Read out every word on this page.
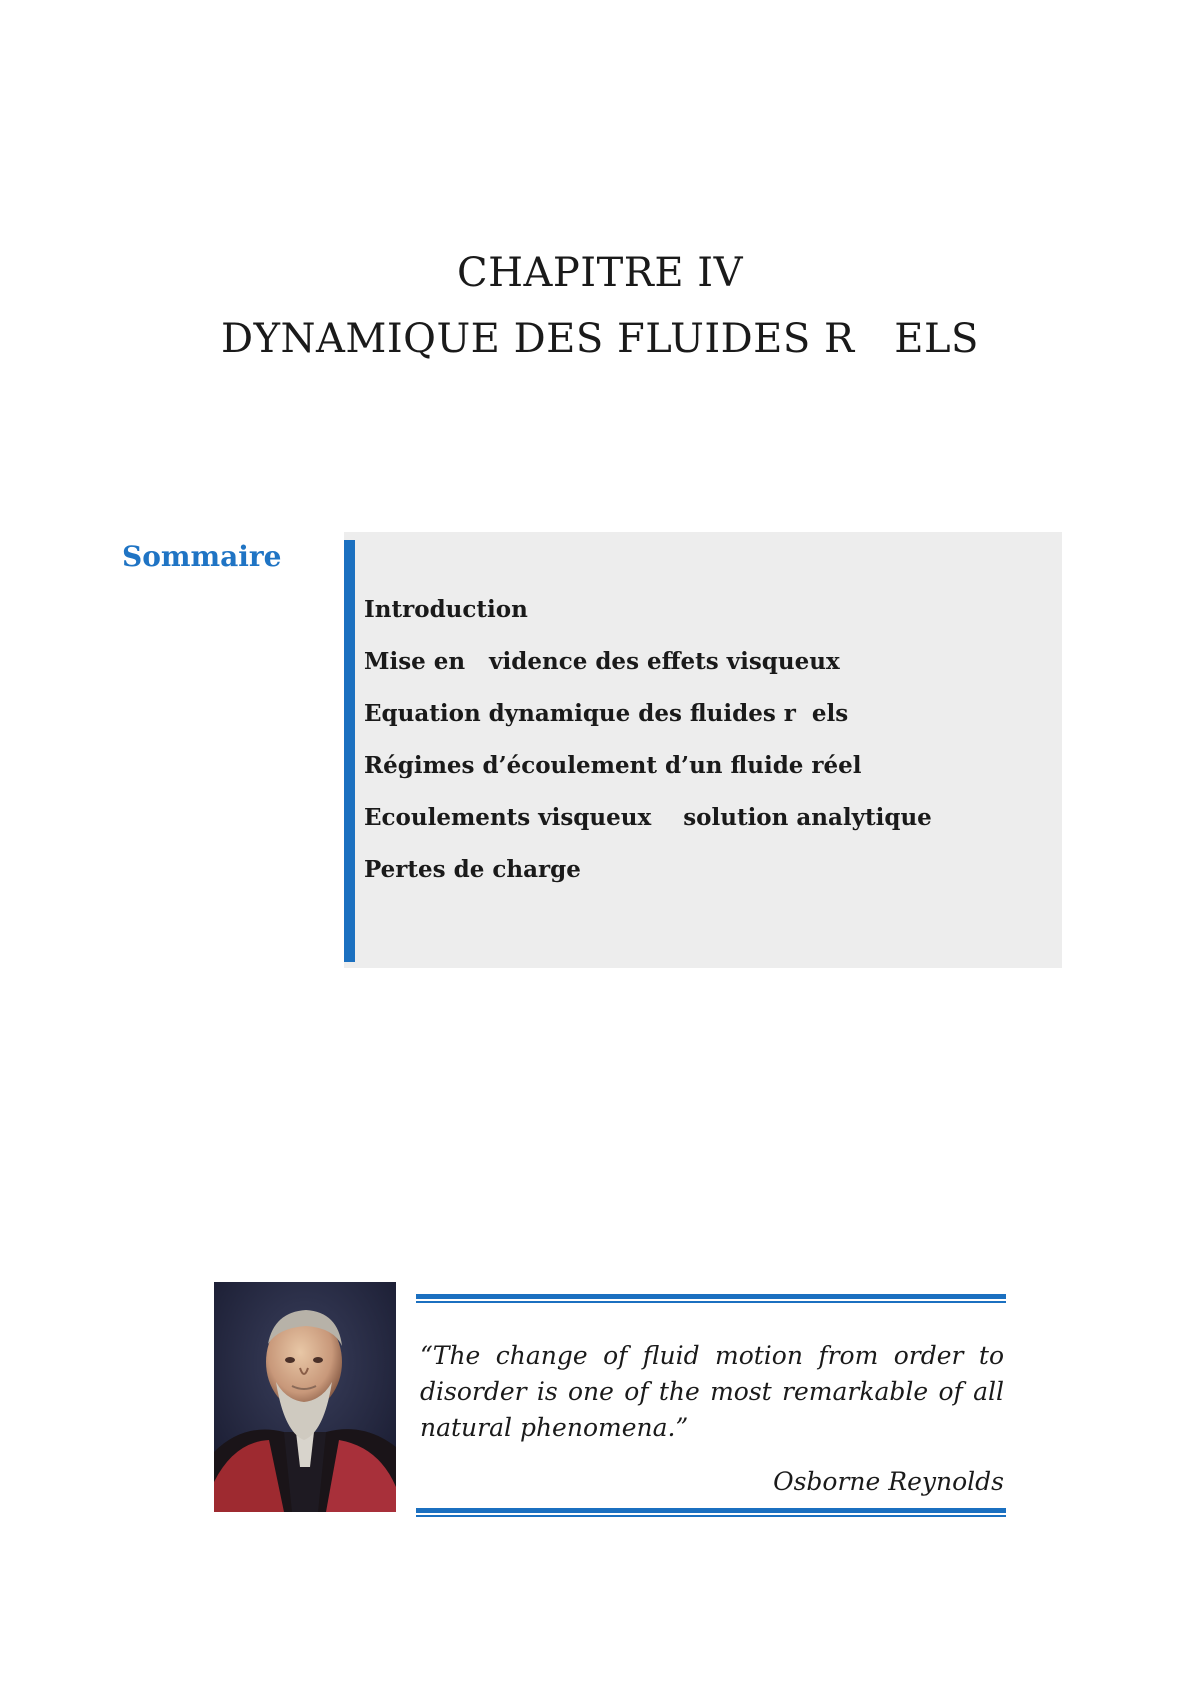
CHAPITRE IV
DYNAMIQUE DES FLUIDES R   ELS
Sommaire
Introduction
Mise en   vidence des effets visqueux
Equation dynamique des fluides r  els
Régimes d’écoulement d’un fluide réel
Ecoulements visqueux    solution analytique
Pertes de charge
“The change of fluid motion from order to disorder is one of the most remarkable of all natural phenomena.”
Osborne Reynolds
